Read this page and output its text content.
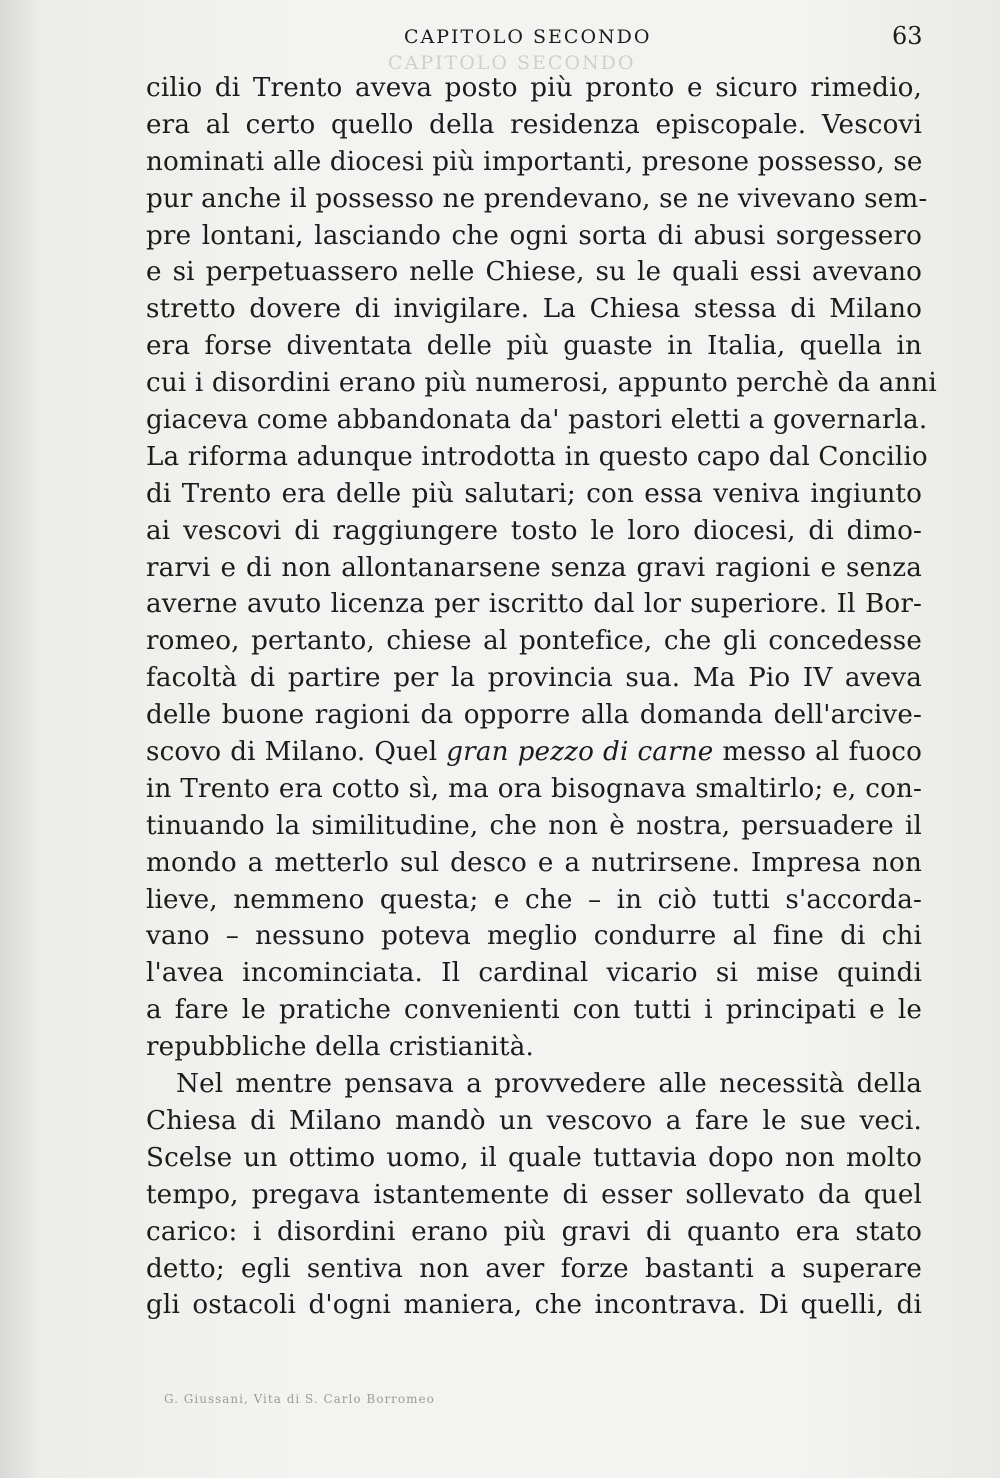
CAPITOLO SECONDO
CAPITOLO SECONDO	63
cilio di Trento aveva posto più pronto e sicuro rimedio,
era al certo quello della residenza episcopale. Vescovi
nominati alle diocesi più importanti, presone possesso, se
pur anche il possesso ne prendevano, se ne vivevano sem-
pre lontani, lasciando che ogni sorta di abusi sorgessero
e si perpetuassero nelle Chiese, su le quali essi avevano
stretto dovere di invigilare. La Chiesa stessa di Milano
era forse diventata delle più guaste in Italia, quella in
cui i disordini erano più numerosi, appunto perchè da anni
giaceva come abbandonata da' pastori eletti a governarla.
La riforma adunque introdotta in questo capo dal Concilio
di Trento era delle più salutari; con essa veniva ingiunto
ai vescovi di raggiungere tosto le loro diocesi, di dimo-
rarvi e di non allontanarsene senza gravi ragioni e senza
averne avuto licenza per iscritto dal lor superiore. Il Bor-
romeo, pertanto, chiese al pontefice, che gli concedesse
facoltà di partire per la provincia sua. Ma Pio IV aveva
delle buone ragioni da opporre alla domanda dell'arcive-
scovo di Milano. Quel gran pezzo di carne messo al fuoco
in Trento era cotto sì, ma ora bisognava smaltirlo; e, con-
tinuando la similitudine, che non è nostra, persuadere il
mondo a metterlo sul desco e a nutrirsene. Impresa non
lieve, nemmeno questa; e che – in ciò tutti s'accorda-
vano – nessuno poteva meglio condurre al fine di chi
l'avea incominciata. Il cardinal vicario si mise quindi
a fare le pratiche convenienti con tutti i principati e le
repubbliche della cristianità.
Nel mentre pensava a provvedere alle necessità della
Chiesa di Milano mandò un vescovo a fare le sue veci.
Scelse un ottimo uomo, il quale tuttavia dopo non molto
tempo, pregava istantemente di esser sollevato da quel
carico: i disordini erano più gravi di quanto era stato
detto; egli sentiva non aver forze bastanti a superare
gli ostacoli d'ogni maniera, che incontrava. Di quelli, di
G. Giussani, Vita di S. Carlo Borromeo
